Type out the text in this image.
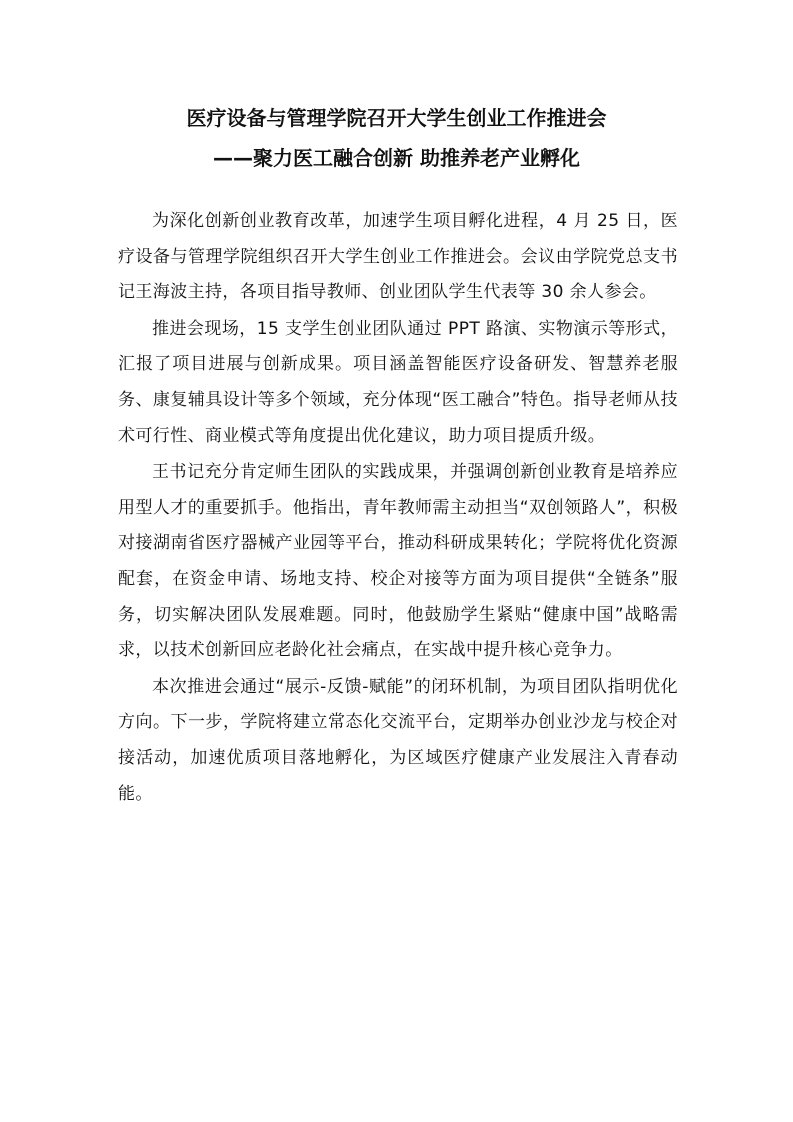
医疗设备与管理学院召开大学生创业工作推进会

——聚力医工融合创新 助推养老产业孵化

为深化创新创业教育改革，加速学生项目孵化进程，4 月 25 日，医疗设备与管理学院组织召开大学生创业工作推进会。会议由学院党总支书记王海波主持，各项目指导教师、创业团队学生代表等 30 余人参会。

推进会现场，15 支学生创业团队通过 PPT 路演、实物演示等形式，汇报了项目进展与创新成果。项目涵盖智能医疗设备研发、智慧养老服务、康复辅具设计等多个领域，充分体现“医工融合”特色。指导老师从技术可行性、商业模式等角度提出优化建议，助力项目提质升级。

王书记充分肯定师生团队的实践成果，并强调创新创业教育是培养应用型人才的重要抓手。他指出，青年教师需主动担当“双创领路人”，积极对接湖南省医疗器械产业园等平台，推动科研成果转化；学院将优化资源配套，在资金申请、场地支持、校企对接等方面为项目提供“全链条”服务，切实解决团队发展难题。同时，他鼓励学生紧贴“健康中国”战略需求，以技术创新回应老龄化社会痛点，在实战中提升核心竞争力。

本次推进会通过“展示-反馈-赋能”的闭环机制，为项目团队指明优化方向。下一步，学院将建立常态化交流平台，定期举办创业沙龙与校企对接活动，加速优质项目落地孵化，为区域医疗健康产业发展注入青春动能。
